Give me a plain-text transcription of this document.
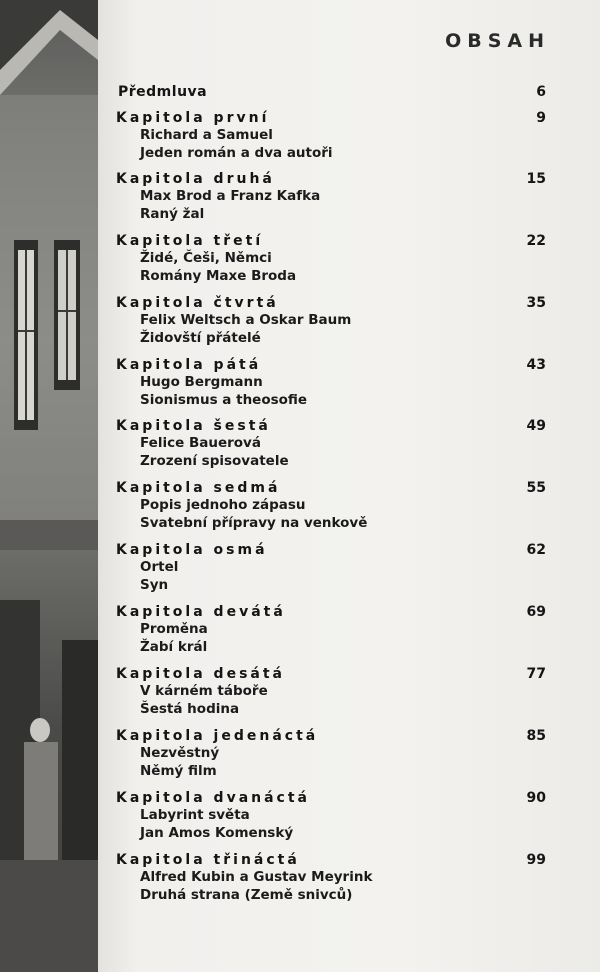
OBSAH
Předmluva	6
Kapitola první	9
Richard a Samuel
Jeden román a dva autoři
Kapitola druhá	15
Max Brod a Franz Kafka
Raný žal
Kapitola třetí	22
Židé, Češi, Němci
Romány Maxe Broda
Kapitola čtvrtá	35
Felix Weltsch a Oskar Baum
Židovští přátelé
Kapitola pátá	43
Hugo Bergmann
Sionismus a theosofie
Kapitola šestá	49
Felice Bauerová
Zrození spisovatele
Kapitola sedmá	55
Popis jednoho zápasu
Svatební přípravy na venkově
Kapitola osmá	62
Ortel
Syn
Kapitola devátá	69
Proměna
Žabí král
Kapitola desátá	77
V kárném táboře
Šestá hodina
Kapitola jedenáctá	85
Nezvěstný
Němý film
Kapitola dvanáctá	90
Labyrint světa
Jan Amos Komenský
Kapitola třináctá	99
Alfred Kubin a Gustav Meyrink
Druhá strana (Země snivců)
